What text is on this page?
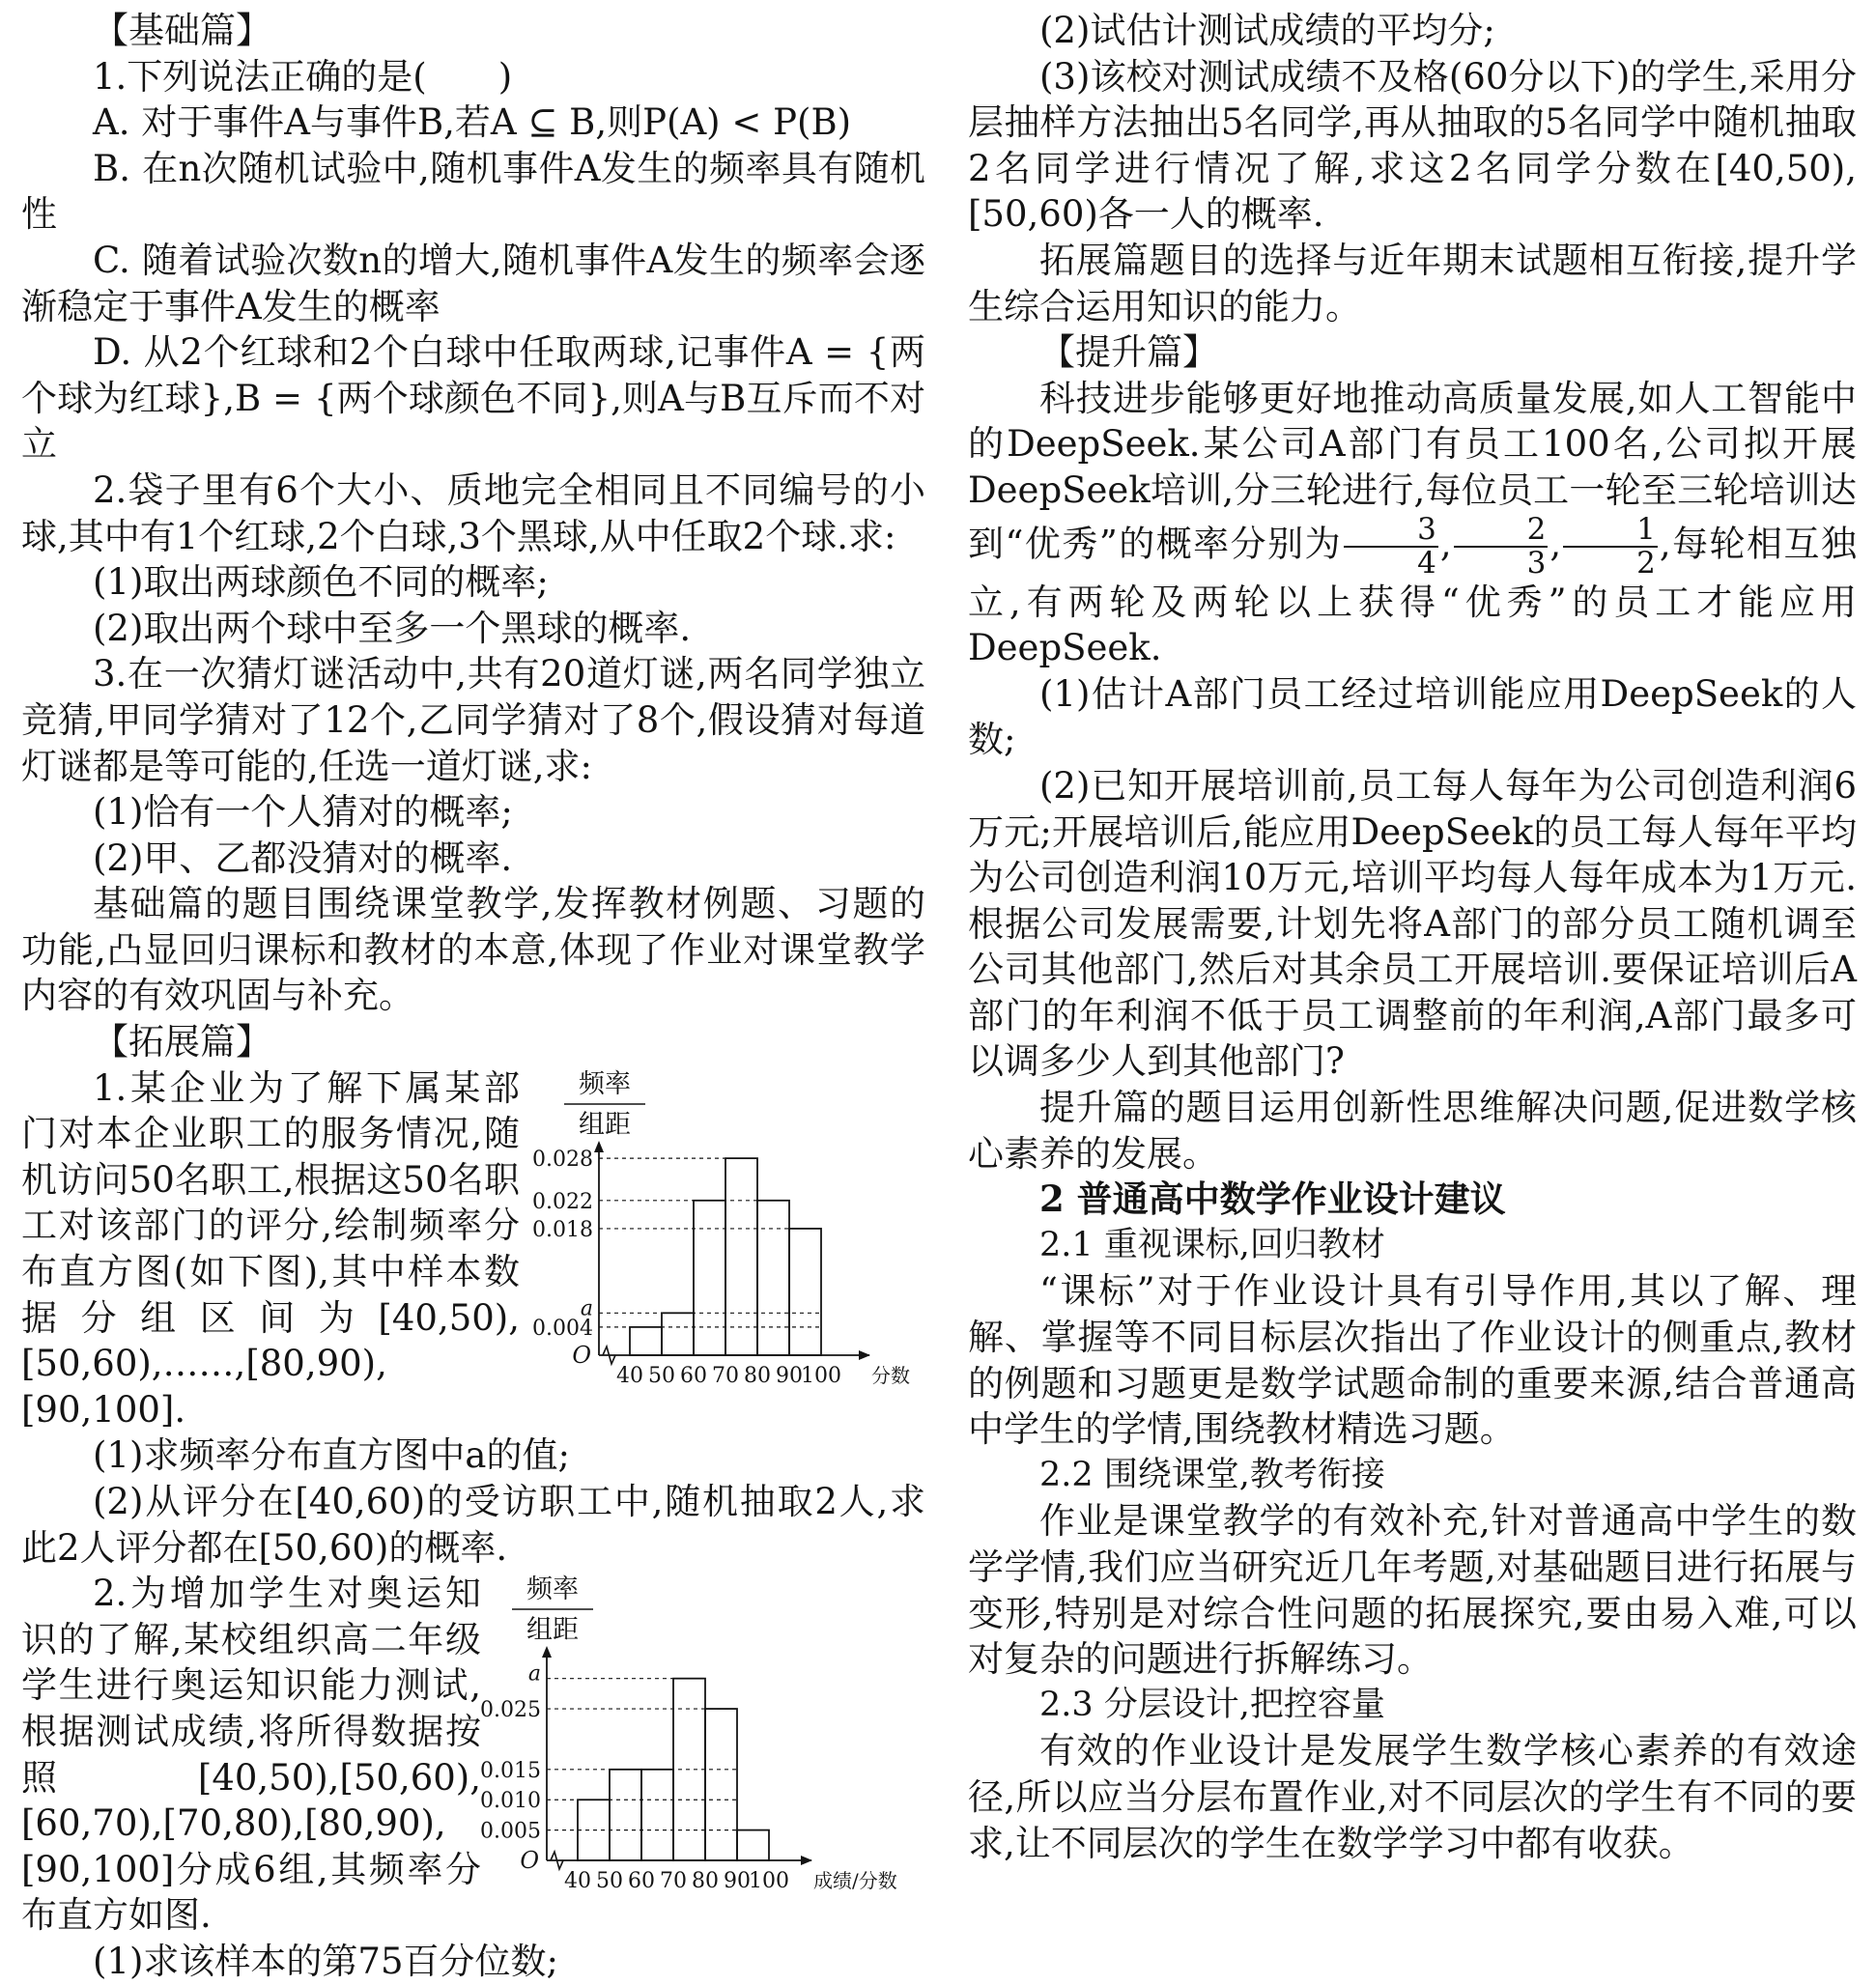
【基础篇】

1.下列说法正确的是(　　)

A. 对于事件A与事件B,若A ⊆ B,则P(A) < P(B)

B. 在n次随机试验中,随机事件A发生的频率具有随机性

C. 随着试验次数n的增大,随机事件A发生的频率会逐渐稳定于事件A发生的概率

D. 从2个红球和2个白球中任取两球,记事件A = {两个球为红球},B = {两个球颜色不同},则A与B互斥而不对立

2.袋子里有6个大小、质地完全相同且不同编号的小球,其中有1个红球,2个白球,3个黑球,从中任取2个球.求:

(1)取出两球颜色不同的概率;

(2)取出两个球中至多一个黑球的概率.

3.在一次猜灯谜活动中,共有20道灯谜,两名同学独立竞猜,甲同学猜对了12个,乙同学猜对了8个,假设猜对每道灯谜都是等可能的,任选一道灯谜,求:

(1)恰有一个人猜对的概率;

(2)甲、乙都没猜对的概率.

基础篇的题目围绕课堂教学,发挥教材例题、习题的功能,凸显回归课标和教材的本意,体现了作业对课堂教学内容的有效巩固与补充。

【拓展篇】

频率
组距
O
0.028
0.022
0.018
a
0.004
40 50 60 70 80 90
100 分数

1.某企业为了解下属某部门对本企业职工的服务情况,随机访问50名职工,根据这50名职工对该部门的评分,绘制频率分布直方图(如下图),其中样本数据分组区间为[40,50),[50,60),……,[80,90),[90,100].

(1)求频率分布直方图中a的值;

(2)从评分在[40,60)的受访职工中,随机抽取2人,求此2人评分都在[50,60)的概率.

频率
组距
O
a
0.025
0.015
0.010
0.005
40 50 60 70 80 90
100 成绩/分数

2.为增加学生对奥运知识的了解,某校组织高二年级学生进行奥运知识能力测试,根据测试成绩,将所得数据按照[40,50),[50,60),[60,70),[70,80),[80,90),[90,100]分成6组,其频率分布直方如图.

(1)求该样本的第75百分位数;

(2)试估计测试成绩的平均分;

(3)该校对测试成绩不及格(60分以下)的学生,采用分层抽样方法抽出5名同学,再从抽取的5名同学中随机抽取2名同学进行情况了解,求这2名同学分数在[40,50),[50,60)各一人的概率.

拓展篇题目的选择与近年期末试题相互衔接,提升学生综合运用知识的能力。

【提升篇】

科技进步能够更好地推动高质量发展,如人工智能中的DeepSeek.某公司A部门有员工100名,公司拟开展DeepSeek培训,分三轮进行,每位员工一轮至三轮培训达到“优秀”的概率分别为 $\frac{3}{4}$ , $\frac{2}{3}$ , $\frac{1}{2}$ ,每轮相互独立,有两轮及两轮以上获得“优秀”的员工才能应用DeepSeek.

(1)估计A部门员工经过培训能应用DeepSeek的人数;

(2)已知开展培训前,员工每人每年为公司创造利润6万元;开展培训后,能应用DeepSeek的员工每人每年平均为公司创造利润10万元,培训平均每人每年成本为1万元.根据公司发展需要,计划先将A部门的部分员工随机调至公司其他部门,然后对其余员工开展培训.要保证培训后A部门的年利润不低于员工调整前的年利润,A部门最多可以调多少人到其他部门?

提升篇的题目运用创新性思维解决问题,促进数学核心素养的发展。

2 普通高中数学作业设计建议

2.1 重视课标,回归教材

“课标”对于作业设计具有引导作用,其以了解、理解、掌握等不同目标层次指出了作业设计的侧重点,教材的例题和习题更是数学试题命制的重要来源,结合普通高中学生的学情,围绕教材精选习题。

2.2 围绕课堂,教考衔接

作业是课堂教学的有效补充,针对普通高中学生的数学学情,我们应当研究近几年考题,对基础题目进行拓展与变形,特别是对综合性问题的拓展探究,要由易入难,可以对复杂的问题进行拆解练习。

2.3 分层设计,把控容量

有效的作业设计是发展学生数学核心素养的有效途径,所以应当分层布置作业,对不同层次的学生有不同的要求,让不同层次的学生在数学学习中都有收获。
